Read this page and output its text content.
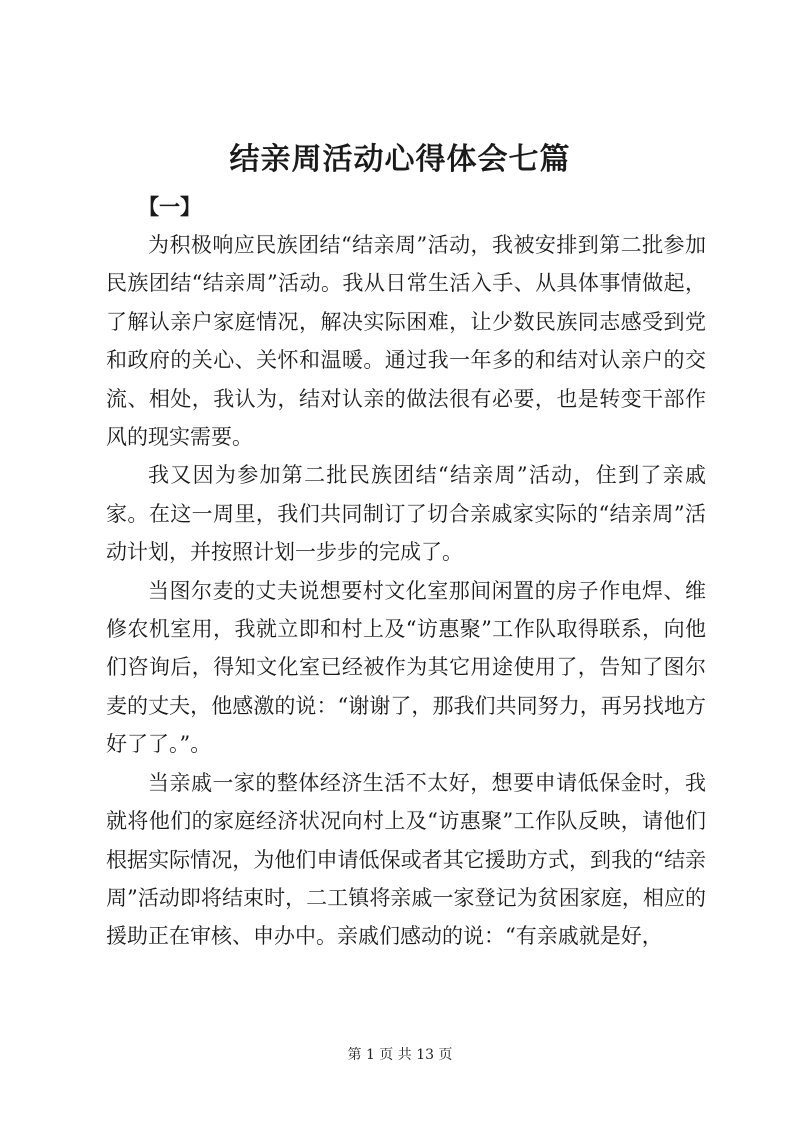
结亲周活动心得体会七篇
【一】

为积极响应民族团结“结亲周”活动，我被安排到第二批参加民族团结“结亲周”活动。我从日常生活入手、从具体事情做起，了解认亲户家庭情况，解决实际困难，让少数民族同志感受到党和政府的关心、关怀和温暖。通过我一年多的和结对认亲户的交流、相处，我认为，结对认亲的做法很有必要，也是转变干部作风的现实需要。

我又因为参加第二批民族团结“结亲周”活动，住到了亲戚家。在这一周里，我们共同制订了切合亲戚家实际的“结亲周”活动计划，并按照计划一步步的完成了。

当图尔麦的丈夫说想要村文化室那间闲置的房子作电焊、维修农机室用，我就立即和村上及“访惠聚”工作队取得联系，向他们咨询后，得知文化室已经被作为其它用途使用了，告知了图尔麦的丈夫，他感激的说：“谢谢了，那我们共同努力，再另找地方好了了。”。

当亲戚一家的整体经济生活不太好，想要申请低保金时，我就将他们的家庭经济状况向村上及“访惠聚”工作队反映，请他们根据实际情况，为他们申请低保或者其它援助方式，到我的“结亲周”活动即将结束时，二工镇将亲戚一家登记为贫困家庭，相应的援助正在审核、申办中。亲戚们感动的说：“有亲戚就是好，

第 1 页 共 13 页
